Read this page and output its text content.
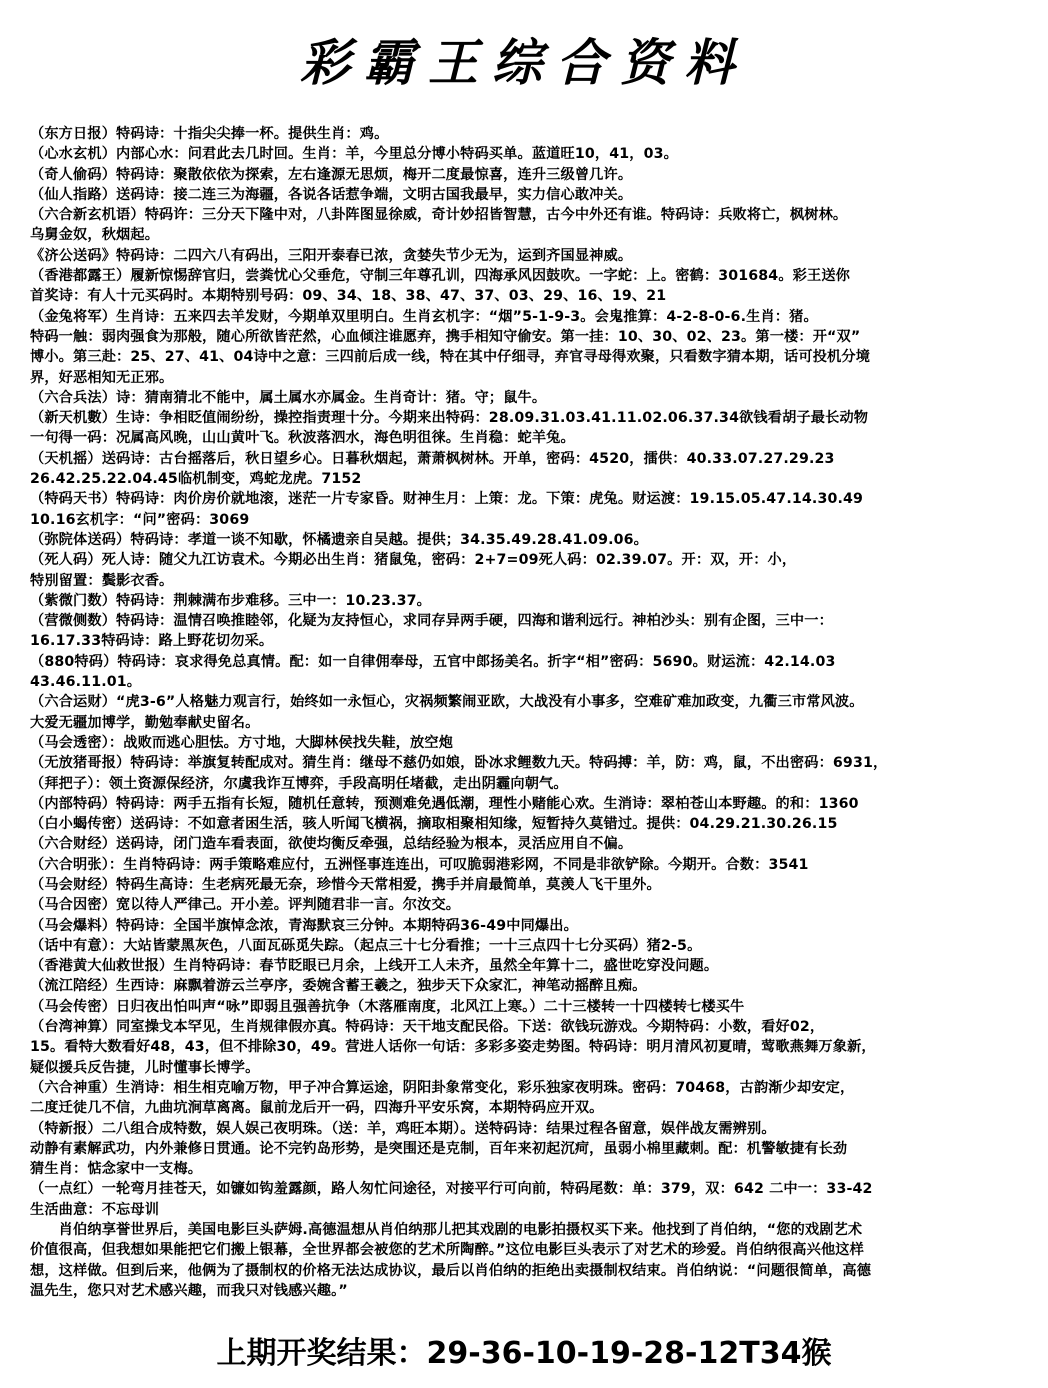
彩霸王综合资料
（东方日报）特码诗：十指尖尖捧一杯。提供生肖：鸡。
（心水玄机）内部心水：问君此去几时回。生肖：羊，今里总分博小特码买单。蓝道旺10，41，03。
（奇人偷码）特码诗：聚散依依为探索，左右逢源无思烦，梅开二度最惊喜，连升三级曾几许。
（仙人指路）送码诗：接二连三为海疆，各说各话惹争端，文明古国我最早，实力信心敢冲关。
（六合新玄机语）特码许：三分天下隆中对，八卦阵图显徐威，奇计妙招皆智慧，古今中外还有谁。特码诗：兵败将亡，枫树林。
乌舅金奴，秋烟起。
《济公送码》特码诗：二四六八有码出，三阳开泰春已浓，贪婪失节少无为，运到齐国显神威。
（香港都露王）履新惊惕辞官归，尝粪忧心父垂危，守制三年尊孔训，四海承风因鼓吹。一字蛇：上。密鹤：301684。彩王送你
首奖诗：有人十元买码时。本期特别号码：09、34、18、38、47、37、03、29、16、19、21
（金兔将军）生肖诗：五来四去羊发财，今期单双里明白。生肖玄机字：“烟”5-1-9-3。会鬼推算：4-2-8-0-6.生肖：猪。
特码一触：弱肉强食为那般，随心所欲皆茫然，心血倾注谁愿弃，携手相知守偷安。第一挂：10、30、02、23。第一楼：开“双”
博小。第三赴：25、27、41、04诗中之意：三四前后成一线，特在其中仔细寻，弃官寻母得欢聚，只看数字猜本期，话可投机分境
界，好恶相知无正邪。
（六合兵法）诗：猜南猜北不能中，属土属水亦属金。生肖奇计：猪。守；鼠牛。
（新天机數）生诗：争相眨值闹纷纷，操控指责理十分。今期来出特码：28.09.31.03.41.11.02.06.37.34欲钱看胡子最长动物
一句得一码：况属高风晚，山山黄叶飞。秋波落泗水，海色明徂徕。生肖稳：蛇羊兔。
（天机摇）送码诗：古台摇落后，秋日望乡心。日暮秋烟起，萧萧枫树林。开单，密码：4520，擂供：40.33.07.27.29.23
26.42.25.22.04.45临机制变，鸡蛇龙虎。7152
（特码天书）特码诗：肉价房价就地滚，迷茫一片专家昏。财神生月：上策：龙。下策：虎兔。财运渡：19.15.05.47.14.30.49
10.16玄机字：“问”密码：3069
（弥院体送码）特码诗：孝道一谈不知歇，怀橘遗亲自吴越。提供；34.35.49.28.41.09.06。
（死人码）死人诗：随父九江访袁术。今期必出生肖：猪鼠兔，密码：2+7=09死人码：02.39.07。开：双，开：小，
特別留置：鬓影衣香。
（紫微门数）特码诗：荆棘满布步难移。三中一：10.23.37。
（营微侧数）特码诗：温情召唤推睦邻，化疑为友持恒心，求同存异两手硬，四海和谐利远行。神柏沙头：别有企图，三中一：
16.17.33特码诗：路上野花切勿采。
（880特码）特码诗：哀求得免总真情。配：如一自律佣奉母，五官中郎扬美名。折字“相”密码：5690。财运流：42.14.03
43.46.11.01。
（六合运财）“虎3-6”人格魅力观言行，始终如一永恒心，灾祸频繁闹亚欧，大战没有小事多，空难矿难加政变，九衢三市常风波。
大爱无疆加博学，勤勉奉献史留名。
（马会透密）：战败而逃心胆怯。方寸地，大脚林侯找失鞋，放空炮
（无放猪哥报）特码诗：举旗复转配成对。猜生肖：继母不慈仍如娘，卧冰求鲤数九天。特码搏：羊，防：鸡，鼠，不出密码：6931，
（拜把子）：领土资源保经济，尔虞我诈互博弈，手段高明任堵截，走出阴霾向朝气。
（内部特码）特码诗：两手五指有长短，随机任意转，预测难免遇低潮，理性小赌能心欢。生消诗：翠柏苍山本野趣。的和：1360
（白小蝎传密）送码诗：不如意者困生活，骇人听闻飞横祸，摘取相聚相知缘，短暂持久莫错过。提供：04.29.21.30.26.15
（六合财经）送码诗，闭门造车看表面，欲使均衡反牵强，总结经验为根本，灵活应用自不偏。
（六合明张）：生肖特码诗：两手策略难应付，五洲怪事连连出，可叹脆弱港彩网，不同是非欲铲除。今期开。合数：3541
（马会财经）特码生高诗：生老病死最无奈，珍惜今天常相爱，携手并肩最简单，莫羡人飞干里外。
（马合因密）宽以待人严律己。开小差。评判随君非一言。尔汝交。
（马会爆料）特码诗：全国半旗悼念浓，青海默哀三分钟。本期特码36-49中同爆出。
（话中有意）：大站皆蒙黑灰色，八面瓦砾觅失踪。（起点三十七分看推；一十三点四十七分买码）猪2-5。
（香港黄大仙救世报）生肖特码诗：春节眨眼已月余，上线开工人未齐，虽然全年算十二，盛世吃穿没问题。
（流江陪经）生西诗：麻飘着游云兰亭序，委婉含蓄王羲之，独步天下众家汇，神笔动摇醉且痴。
（马会传密）日归夜出怕叫声“咏”即弱且强善抗争（木落雁南度，北风江上寒。）二十三楼转一十四楼转七楼买牛
（台湾神算）同室操戈本罕见，生肖规律假亦真。特码诗：天干地支配民俗。下送：欲钱玩游戏。今期特码：小数，看好02，
15。看特大数看好48，43，但不排除30，49。营进人话你一句话：多彩多姿走势图。特码诗：明月清风初夏晴，莺歌燕舞万象新，
疑似援兵反告捷，儿时懂事长博学。
（六合神重）生消诗：相生相克喻万物，甲子冲合算运途，阴阳卦象常变化，彩乐独家夜明珠。密码：70468，古韵渐少却安定，
二度迁徒几不信，九曲坑涧草离离。鼠前龙后开一码，四海升平安乐窝，本期特码应开双。
（特新报）二八组合成特数，娱人娱己夜明珠。（送：羊，鸡旺本期）。送特码诗：结果过程各留意，娱伴战友需辨别。
动静有素解武功，内外兼修日贯通。论不完钓岛形势，是突围还是克制，百年来初起沉疴，虽弱小棉里藏刺。配：机警敏捷有长劲
猜生肖：惦念家中一支梅。
（一点红）一轮弯月挂苍天，如镰如钩羞露颜，路人匆忙问途径，对接平行可向前，特码尾数：单：379，双：642 二中一：33-42
生活曲意：不忘母训
　　肖伯纳享誉世界后，美国电影巨头萨姆.高德温想从肖伯纳那儿把其戏剧的电影拍摄权买下来。他找到了肖伯纳，“您的戏剧艺术
价值很高，但我想如果能把它们搬上银幕，全世界都会被您的艺术所陶醉。”这位电影巨头表示了对艺术的珍爱。肖伯纳很高兴他这样
想，这样做。但到后来，他俩为了摄制权的价格无法达成协议，最后以肖伯纳的拒绝出卖摄制权结束。肖伯纳说：“问题很简单，高德
温先生，您只对艺术感兴趣，而我只对钱感兴趣。”
上期开奖结果：29-36-10-19-28-12T34猴
